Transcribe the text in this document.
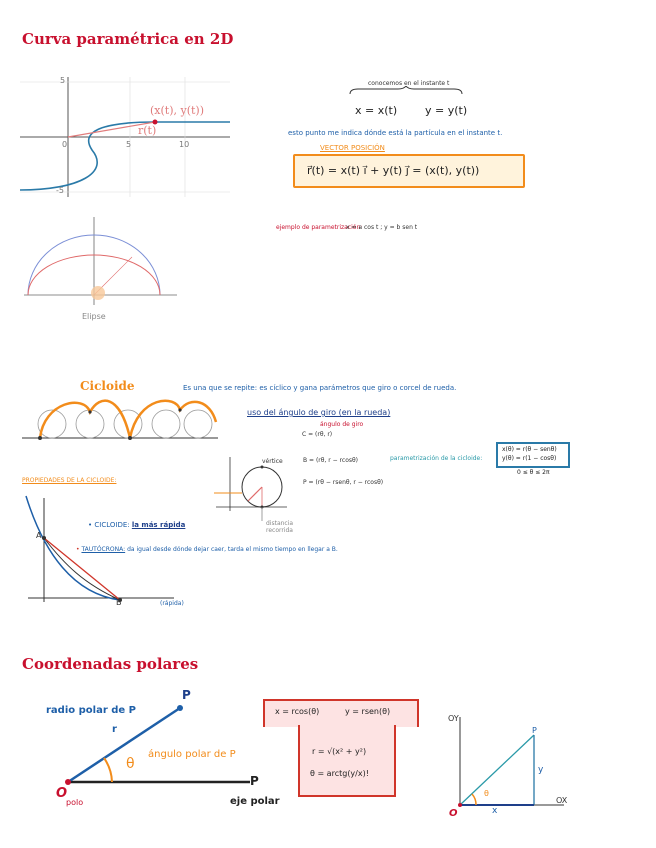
Curva paramétrica en 2D
(x(t), y(t))
r(t)
0	5	10
5
-5
conocemos en el instante t
x = x(t)	y = y(t)
esto punto me indica dónde está la partícula en el instante t.
VECTOR POSICIÓN
r⃗(t) = x(t) i⃗ + y(t) j⃗ = (x(t), y(t))
Elipse
ejemplo de parametrización:
x = a cos t ; y = b sen t
Cicloide	Es una que se repite: es cíclico y gana parámetros que giro o corcel de rueda.
uso del ángulo de giro (en la rueda)
ángulo de giro
C = (rθ, r)
vértice	B = (rθ, r − rcosθ)
P = (rθ − rsenθ, r − rcosθ)
distancia recorrida
parametrización de la cicloide:
x(θ) = r(θ − senθ)
y(θ) = r(1 − cosθ)
0 ≤ θ ≤ 2π
PROPIEDADES DE LA CICLOIDE:
A
B	(rápida)
• CICLOIDE: la más rápida
• TAUTÓCRONA: da igual desde dónde dejar caer, tarda el mismo tiempo en llegar a B.
Coordenadas polares
radio polar de P
P
r
ángulo polar de P
θ
P
O
polo	eje polar
x = rcos(θ)	y = rsen(θ)
r = √(x² + y²)
θ = arctg(y/x)!
OY
OX
P
y
x
θ
O
